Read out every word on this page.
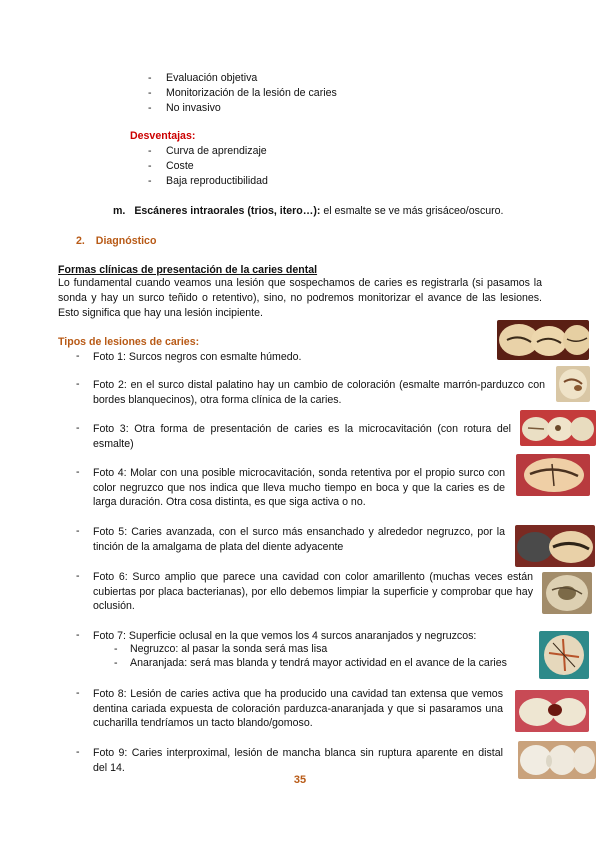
- Evaluación objetiva
- Monitorización de la lesión de caries
- No invasivo
Desventajas:
- Curva de aprendizaje
- Coste
- Baja reproductibilidad
m. Escáneres intraorales (trios, itero…): el esmalte se ve más grisáceo/oscuro.
2. Diagnóstico
Formas clínicas de presentación de la caries dental
Lo fundamental cuando veamos una lesión que sospechamos de caries es registrarla (si pasamos la sonda y hay un surco teñido o retentivo), sino, no podremos monitorizar el avance de las lesiones. Esto significa que hay una lesión incipiente.
Tipos de lesiones de caries:
- Foto 1: Surcos negros con esmalte húmedo.
- Foto 2: en el surco distal palatino hay un cambio de coloración (esmalte marrón-parduzco con bordes blanquecinos), otra forma clínica de la caries.
- Foto 3: Otra forma de presentación de caries es la microcavitación (con rotura del esmalte)
- Foto 4: Molar con una posible microcavitación, sonda retentiva por el propio surco con color negruzco que nos indica que lleva mucho tiempo en boca y que la caries es de larga duración. Otra cosa distinta, es que siga activa o no.
- Foto 5: Caries avanzada, con el surco más ensanchado y alrededor negruzco, por la tinción de la amalgama de plata del diente adyacente
- Foto 6: Surco amplio que parece una cavidad con color amarillento (muchas veces están cubiertas por placa bacterianas), por ello debemos limpiar la superficie y comprobar que hay oclusión.
- Foto 7: Superficie oclusal en la que vemos los 4 surcos anaranjados y negruzcos:
- Negruzco: al pasar la sonda será mas lisa
- Anaranjada: será mas blanda y tendrá mayor actividad en el avance de la caries
- Foto 8: Lesión de caries activa que ha producido una cavidad tan extensa que vemos dentina cariada expuesta de coloración parduzca-anaranjada y que si pasaramos una cucharilla tendríamos un tacto blando/gomoso.
- Foto 9: Caries interproximal, lesión de mancha blanca sin ruptura aparente en distal del 14.
35
